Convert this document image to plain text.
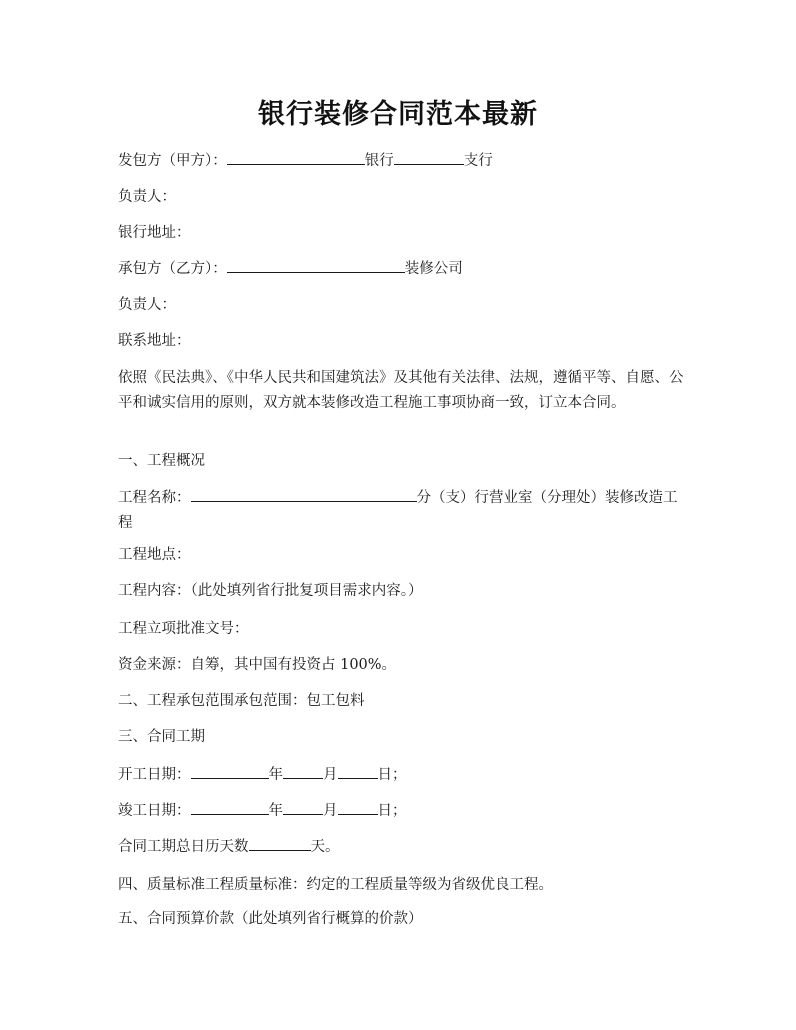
银行装修合同范本最新
发包方（甲方）：	银行	支行
负责人：
银行地址：
承包方（乙方）：	装修公司
负责人：
联系地址：
依照《民法典》、《中华人民共和国建筑法》及其他有关法律、法规，遵循平等、自愿、公平和诚实信用的原则，双方就本装修改造工程施工事项协商一致，订立本合同。
一、工程概况
工程名称：	分（支）行营业室（分理处）装修改造工程
工程地点：
工程内容：（此处填列省行批复项目需求内容。）
工程立项批准文号：
资金来源：自筹，其中国有投资占 100%。
二、工程承包范围承包范围：包工包料
三、合同工期
开工日期：	年	月	日；
竣工日期：	年	月	日；
合同工期总日历天数	天。
四、质量标准工程质量标准：约定的工程质量等级为省级优良工程。
五、合同预算价款（此处填列省行概算的价款）
